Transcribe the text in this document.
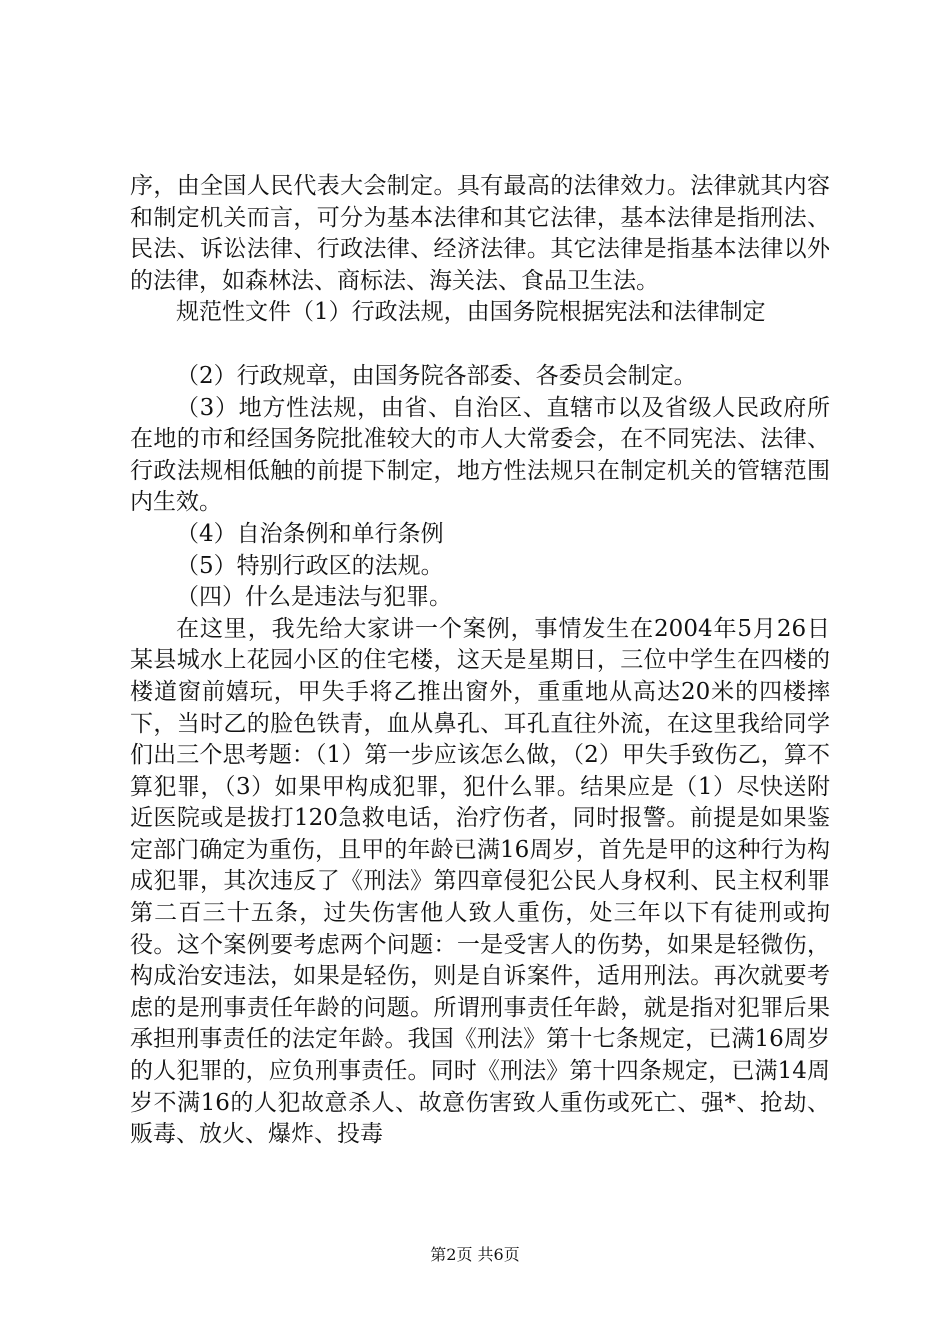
序，由全国人民代表大会制定。具有最高的法律效力。法律就其内容和制定机关而言，可分为基本法律和其它法律，基本法律是指刑法、民法、诉讼法律、行政法律、经济法律。其它法律是指基本法律以外的法律，如森林法、商标法、海关法、食品卫生法。

规范性文件（1）行政法规，由国务院根据宪法和法律制定

（2）行政规章，由国务院各部委、各委员会制定。

（3）地方性法规，由省、自治区、直辖市以及省级人民政府所在地的市和经国务院批准较大的市人大常委会，在不同宪法、法律、行政法规相低触的前提下制定，地方性法规只在制定机关的管辖范围内生效。

（4）自治条例和单行条例

（5）特别行政区的法规。

（四）什么是违法与犯罪。

在这里，我先给大家讲一个案例，事情发生在2004年5月26日某县城水上花园小区的住宅楼，这天是星期日，三位中学生在四楼的楼道窗前嬉玩，甲失手将乙推出窗外，重重地从高达20米的四楼摔下，当时乙的脸色铁青，血从鼻孔、耳孔直往外流，在这里我给同学们出三个思考题：（1）第一步应该怎么做，（2）甲失手致伤乙，算不算犯罪，（3）如果甲构成犯罪，犯什么罪。结果应是（1）尽快送附近医院或是拔打120急救电话，治疗伤者，同时报警。前提是如果鉴定部门确定为重伤，且甲的年龄已满16周岁，首先是甲的这种行为构成犯罪，其次违反了《刑法》第四章侵犯公民人身权利、民主权利罪第二百三十五条，过失伤害他人致人重伤，处三年以下有徒刑或拘役。这个案例要考虑两个问题：一是受害人的伤势，如果是轻微伤，构成治安违法，如果是轻伤，则是自诉案件，适用刑法。再次就要考虑的是刑事责任年龄的问题。所谓刑事责任年龄，就是指对犯罪后果承担刑事责任的法定年龄。我国《刑法》第十七条规定，已满16周岁的人犯罪的，应负刑事责任。同时《刑法》第十四条规定，已满14周岁不满16的人犯故意杀人、故意伤害致人重伤或死亡、强*、抢劫、贩毒、放火、爆炸、投毒

第2页 共6页
